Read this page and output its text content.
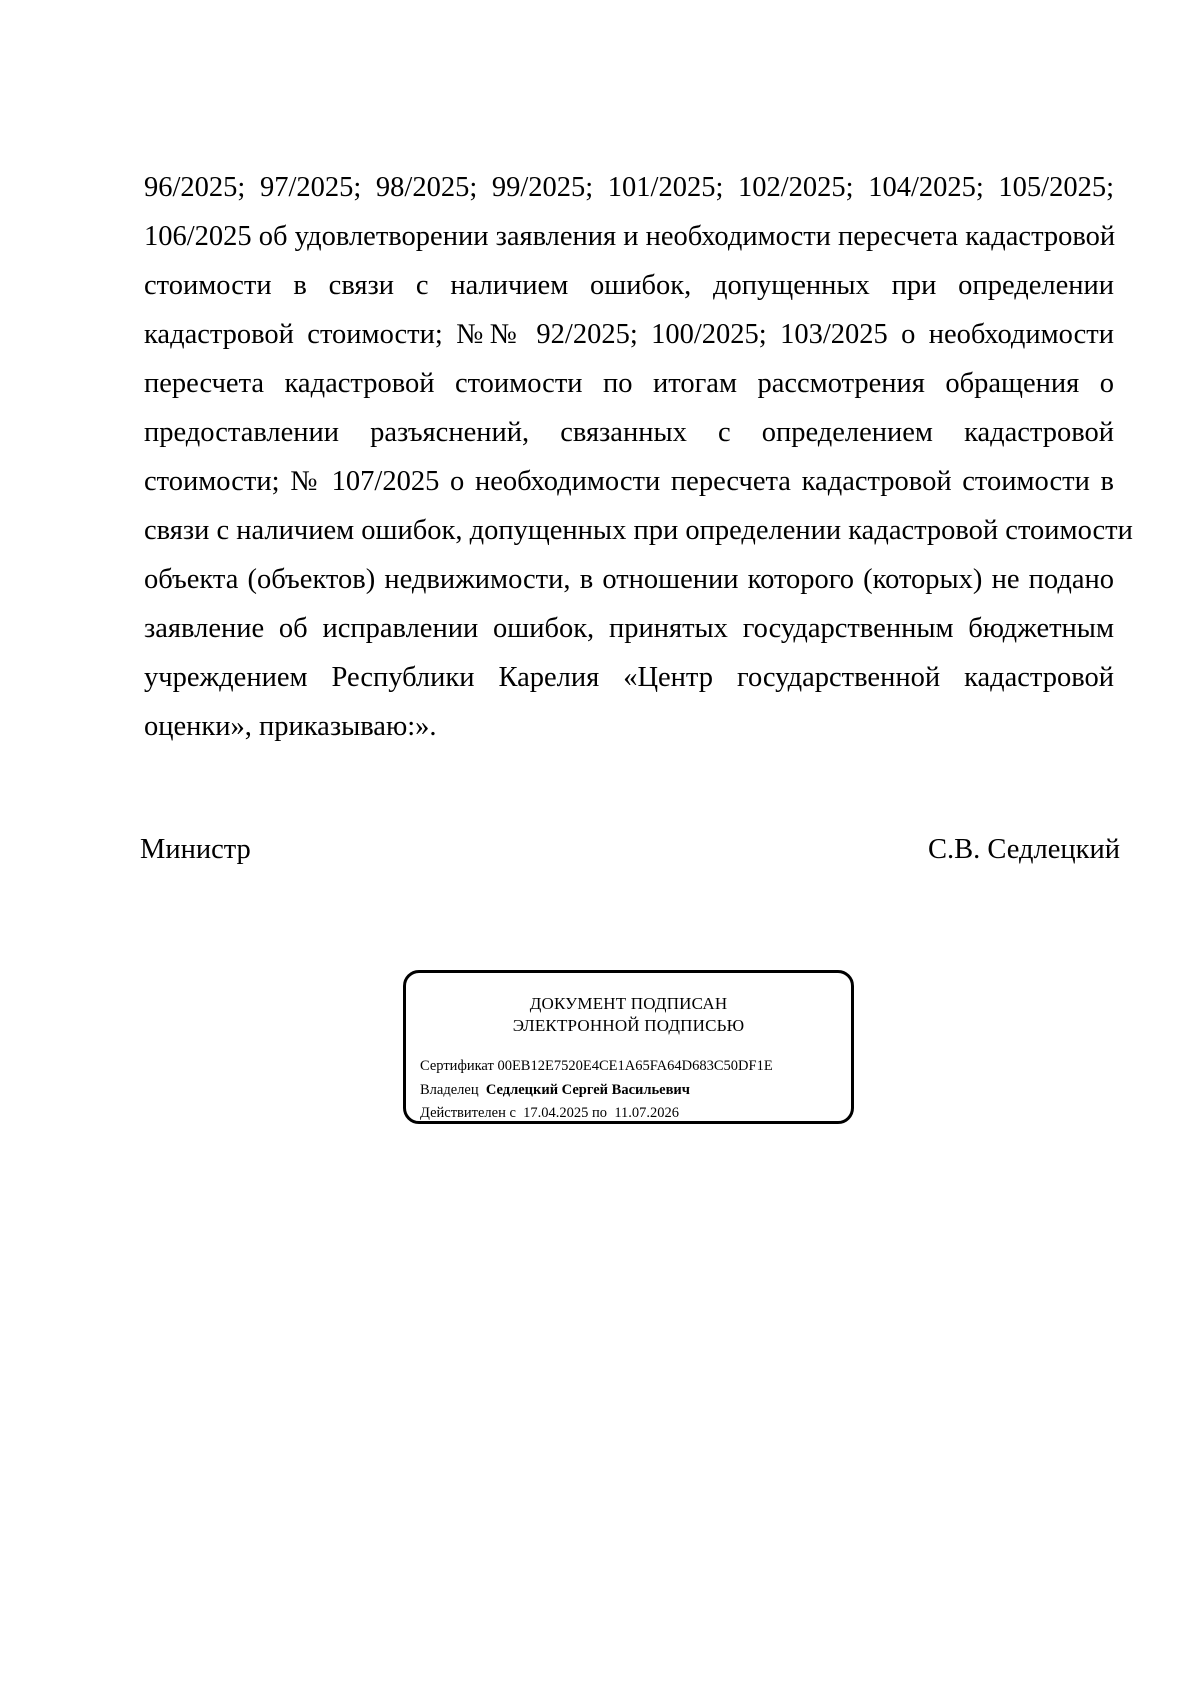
96/2025; 97/2025; 98/2025; 99/2025; 101/2025; 102/2025; 104/2025; 105/2025;
106/2025 об удовлетворении заявления и необходимости пересчета кадастровой
стоимости в связи с наличием ошибок, допущенных при определении
кадастровой стоимости; №№ 92/2025; 100/2025; 103/2025 о необходимости
пересчета кадастровой стоимости по итогам рассмотрения обращения о
предоставлении разъяснений, связанных с определением кадастровой
стоимости; № 107/2025 о необходимости пересчета кадастровой стоимости в
связи с наличием ошибок, допущенных при определении кадастровой стоимости
объекта (объектов) недвижимости, в отношении которого (которых) не подано
заявление об исправлении ошибок, принятых государственным бюджетным
учреждением Республики Карелия «Центр государственной кадастровой
оценки», приказываю:».
Министр	С.В. Седлецкий
ДОКУМЕНТ ПОДПИСАН
ЭЛЕКТРОННОЙ ПОДПИСЬЮ
Сертификат 00EB12E7520E4CE1A65FA64D683C50DF1E
Владелец Седлецкий Сергей Васильевич
Действителен с 17.04.2025 по 11.07.2026
